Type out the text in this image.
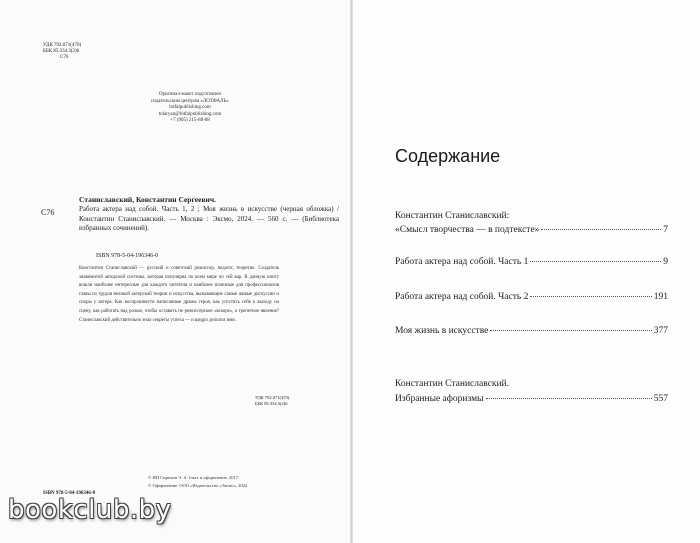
УДК 792.071(470)
ББК 85.334.3(2)6
С76
Оригинал-макет подготовлен
издательским центром «ЛОТФАЛЬ»
lotfalpublishing.com
tolaryan@lotfalpublishing.com
+7 (905) 215-88-88
С76
Станиславский, Константин Сергеевич.
Работа актера над собой. Часть 1, 2 ; Моя жизнь в искусстве (черная обложка) / Константин Станиславский. — Москва : Эксмо, 2024. — 560 с. — (Библиотека избранных сочинений).
ISBN 978-5-04-196346-0
Константин Станиславский — русский и советский режиссер, педагог, теоретик. Создатель знаменитой авторской системы, которая популярна по всем мире по сей вар. В данную книгу вошли наиболее интересные для каждого читателя и наиболее полезные для профессионалов главы из трудов великой актерской теории и искусства, вызывающие самые живые дискуссии и споры у актера. Как воспроизвести написанные драмы героя, как угостить себя к выходу на сцену, как работать над ролью, чтобы оставить не режиссерское «вскоре», а трепетное явление? Станиславский действительно знал секреты успеха — и щедро делился ими.
УДК 792.071(470)
ББК 85.334.3(2)6
© ИП Сирохин Э. А. Ільєт и оформление, 2017
© Оформление. ООО «Издательство «Эксмо», 2024
ISBN 978-5-04-196346-0
Содержание
Константин Станиславский:
«Смысл творчества — в подтексте»	7
Работа актера над собой. Часть 1	9
Работа актера над собой. Часть 2	191
Моя жизнь в искусстве	377
Константин Станиславский.
Избранные афоризмы	557
bookclub.by
